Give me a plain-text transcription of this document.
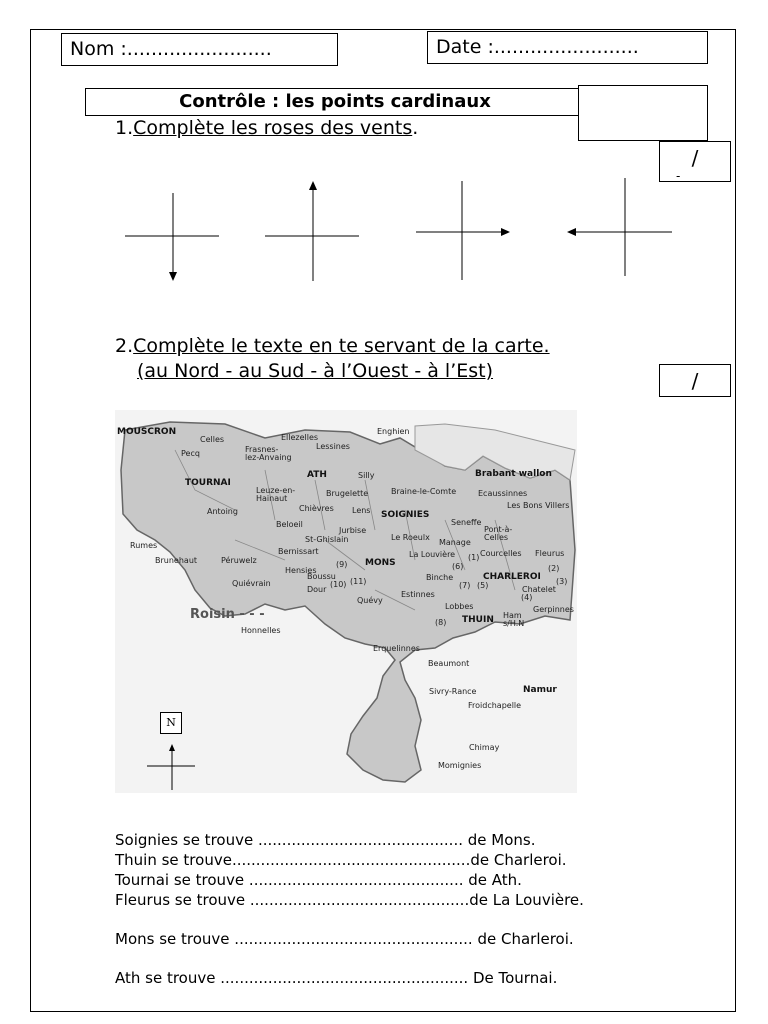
Nom :........................	Date :........................
Contrôle : les points cardinaux
1.Complète les roses des vents.
/
-
2.Complète le texte en te servant de la carte.
(au Nord - au Sud - à l’Ouest - à l’Est)	/
MOUSCRON
Celles	Ellezelles
Enghien
Pecq	Frasnes-
lez-Anvaing
Lessines
ATH	Silly	Brabant wallon
TOURNAI
Leuze-en-
Hainaut
Brugelette	Braine-le-Comte	Ecaussinnes
Antoing	Chièvres Lens SOIGNIES
Les Bons Villers
Rumes
Beloeil
Jurbise
Seneffe
Pont-à-
Celles
Brunehaut	Péruwelz
Bernissart
St-Ghislain	Le Roeulx
Manage
Fleurus
Hensies
(9) MONS
La Louvière (1) Courcelles
(2)
Quiévrain
Boussu
(10) (11)
(6)
CHARLEROI (3)
Dour
Quévy
Binche
(7) (5)	Chatelet
Estinnes	(4)
Roisin - - -
Lobbes	Gerpinnes
Honnelles
(8) THUIN Ham
s/H.N
Erquelinnes
Beaumont
Sivry-Rance	Namur
Froidchapelle
Chimay
Momignies
N
Soignies se trouve ........................................... de Mons.
Thuin se trouve..................................................de Charleroi.
Tournai se trouve ............................................. de Ath.
Fleurus se trouve ..............................................de La Louvière.
Mons se trouve .................................................. de Charleroi.
Ath se trouve .................................................... De Tournai.
